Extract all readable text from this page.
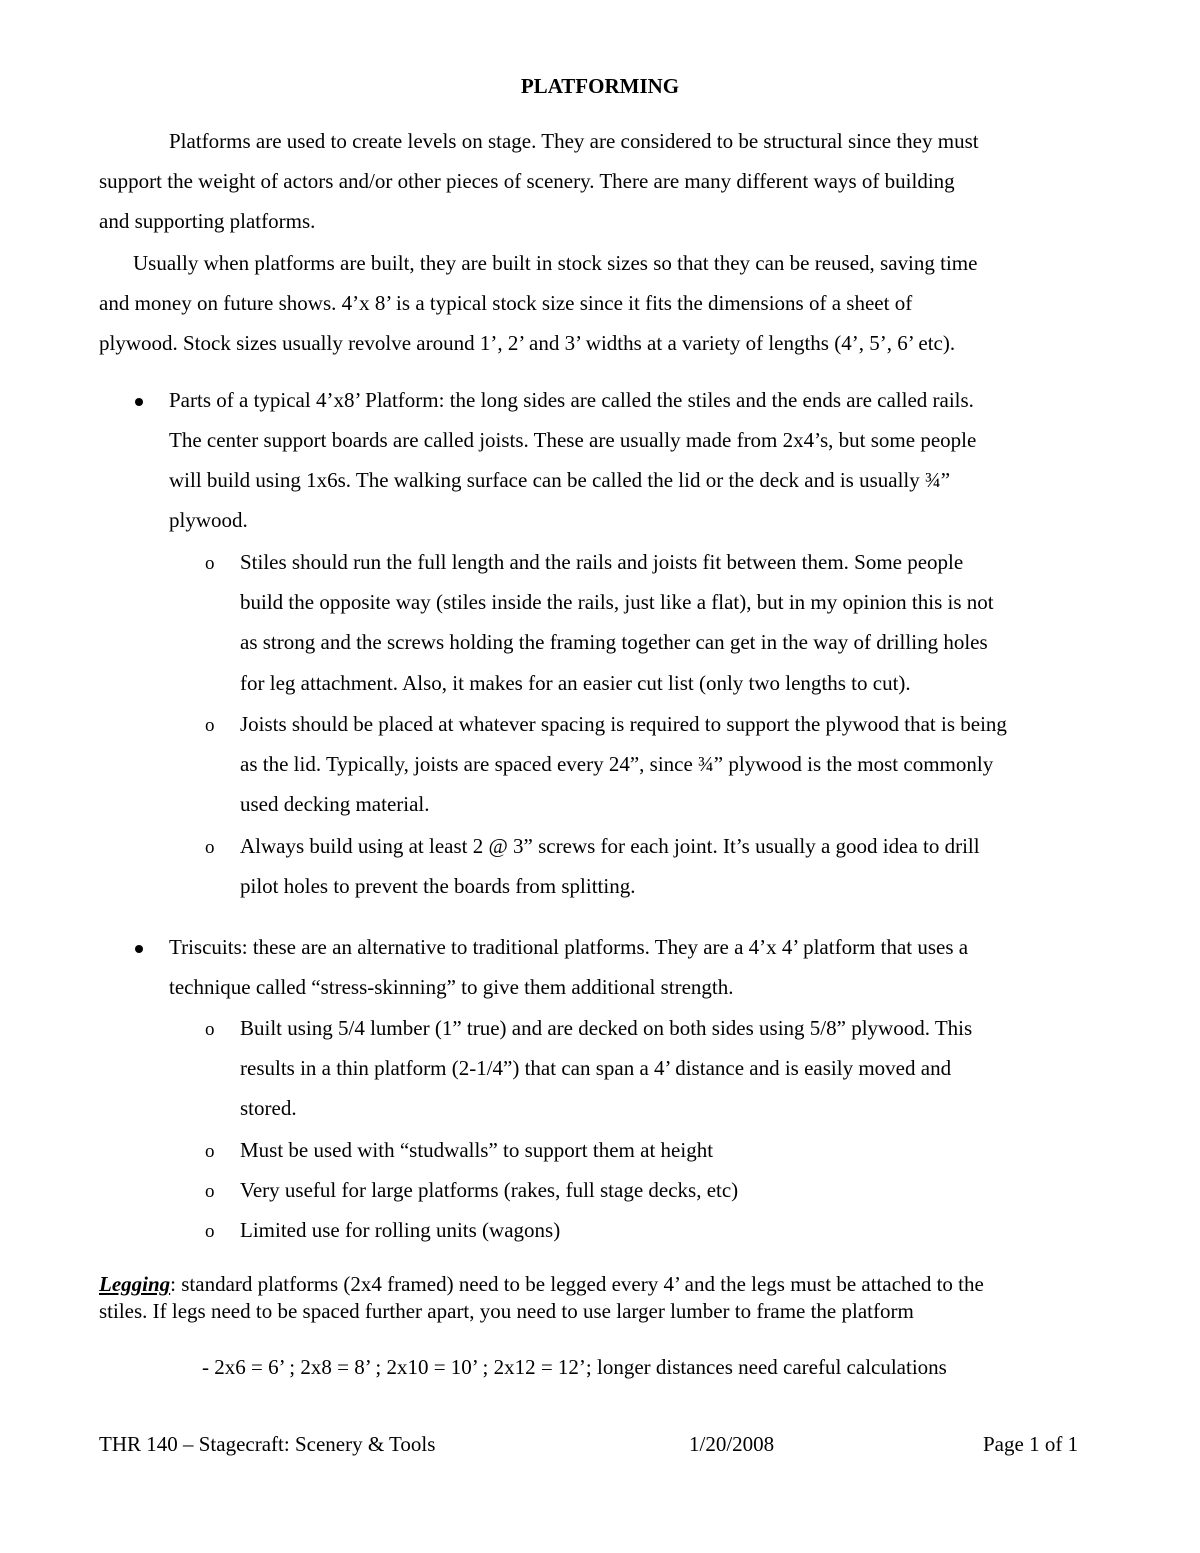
PLATFORMING
Platforms are used to create levels on stage. They are considered to be structural since they must
support the weight of actors and/or other pieces of scenery. There are many different ways of building
and supporting platforms.
Usually when platforms are built, they are built in stock sizes so that they can be reused, saving time
and money on future shows. 4’x 8’ is a typical stock size since it fits the dimensions of a sheet of
plywood. Stock sizes usually revolve around 1’, 2’ and 3’ widths at a variety of lengths (4’, 5’, 6’ etc).
Parts of a typical 4’x8’ Platform: the long sides are called the stiles and the ends are called rails.
The center support boards are called joists. These are usually made from 2x4’s, but some people
will build using 1x6s. The walking surface can be called the lid or the deck and is usually ¾”
plywood.
o Stiles should run the full length and the rails and joists fit between them. Some people
build the opposite way (stiles inside the rails, just like a flat), but in my opinion this is not
as strong and the screws holding the framing together can get in the way of drilling holes
for leg attachment. Also, it makes for an easier cut list (only two lengths to cut).
o Joists should be placed at whatever spacing is required to support the plywood that is being
as the lid. Typically, joists are spaced every 24”, since ¾” plywood is the most commonly
used decking material.
o Always build using at least 2 @ 3” screws for each joint. It’s usually a good idea to drill
pilot holes to prevent the boards from splitting.
Triscuits: these are an alternative to traditional platforms. They are a 4’x 4’ platform that uses a
technique called “stress-skinning” to give them additional strength.
o Built using 5/4 lumber (1” true) and are decked on both sides using 5/8” plywood. This
results in a thin platform (2-1/4”) that can span a 4’ distance and is easily moved and
stored.
o Must be used with “studwalls” to support them at height
o Very useful for large platforms (rakes, full stage decks, etc)
o Limited use for rolling units (wagons)
Legging: standard platforms (2x4 framed) need to be legged every 4’ and the legs must be attached to the
stiles. If legs need to be spaced further apart, you need to use larger lumber to frame the platform
- 2x6 = 6’ ; 2x8 = 8’ ; 2x10 = 10’ ; 2x12 = 12’; longer distances need careful calculations
THR 140 – Stagecraft: Scenery & Tools	1/20/2008	Page 1 of 1
